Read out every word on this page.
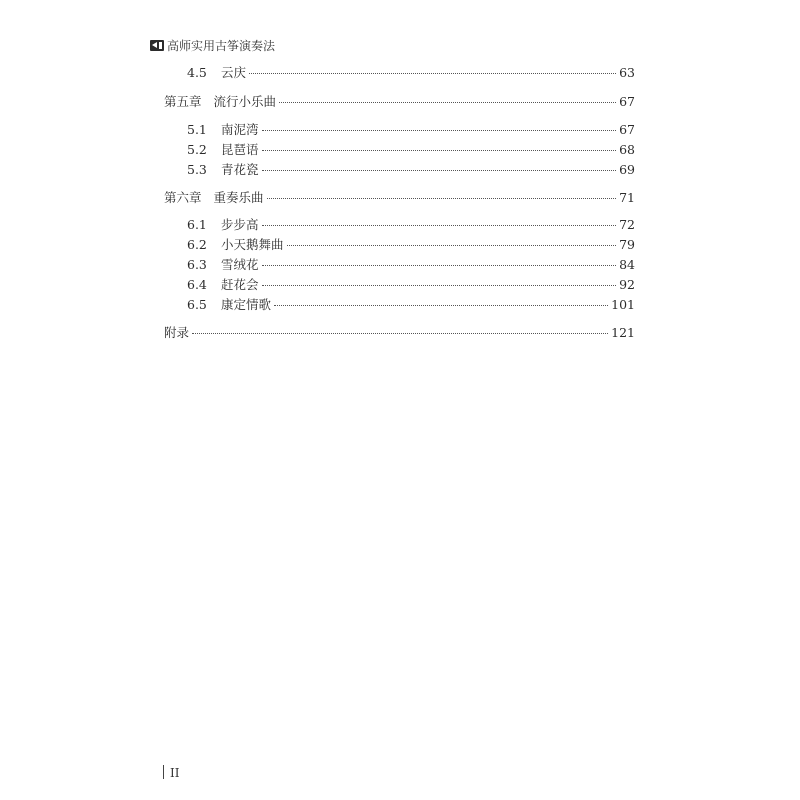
高师实用古筝演奏法
4.5	云庆	63
第五章 流行小乐曲	67
5.1	南泥湾	67
5.2	昆琶语	68
5.3	青花瓷	69
第六章 重奏乐曲	71
6.1	步步高	72
6.2	小天鹅舞曲	79
6.3	雪绒花	84
6.4	赶花会	92
6.5	康定情歌	101
附录	121
II
